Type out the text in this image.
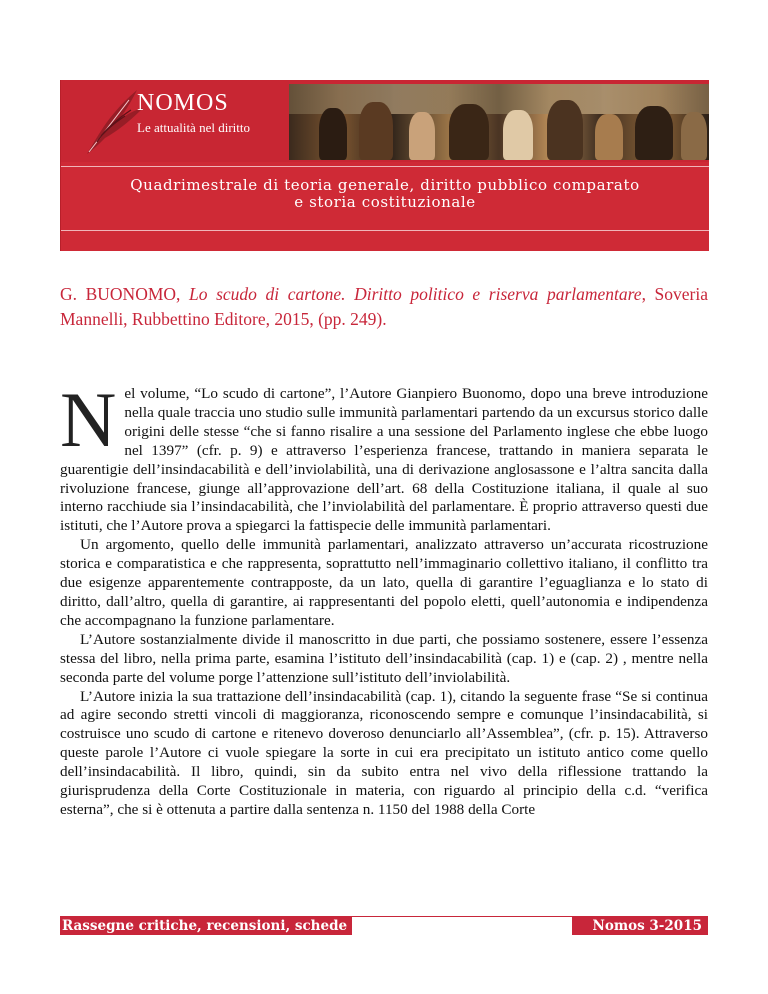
NOMOS
Le attualità nel diritto
Quadrimestrale di teoria generale, diritto pubblico comparato
e storia costituzionale
G. BUONOMO, Lo scudo di cartone. Diritto politico e riserva parlamentare, Soveria Mannelli, Rubbettino Editore, 2015, (pp. 249).

Nel volume, “Lo scudo di cartone”, l’Autore Gianpiero Buonomo, dopo una breve introduzione nella quale traccia uno studio sulle immunità parlamentari partendo da un excursus storico dalle origini delle stesse “che si fanno risalire a una sessione del Parlamento inglese che ebbe luogo nel 1397” (cfr. p. 9) e attraverso l’esperienza francese, trattando in maniera separata le guarentigie dell’insindacabilità e dell’inviolabilità, una di derivazione anglosassone e l’altra sancita dalla rivoluzione francese, giunge all’approvazione dell’art. 68 della Costituzione italiana, il quale al suo interno racchiude sia l’insindacabilità, che l’inviolabilità del parlamentare. È proprio attraverso questi due istituti, che l’Autore prova a spiegarci la fattispecie delle immunità parlamentari.

Un argomento, quello delle immunità parlamentari, analizzato attraverso un’accurata ricostruzione storica e comparatistica e che rappresenta, soprattutto nell’immaginario collettivo italiano, il conflitto tra due esigenze apparentemente contrapposte, da un lato, quella di garantire l’eguaglianza e lo stato di diritto, dall’altro, quella di garantire, ai rappresentanti del popolo eletti, quell’autonomia e indipendenza che accompagnano la funzione parlamentare.

L’Autore sostanzialmente divide il manoscritto in due parti, che possiamo sostenere, essere l’essenza stessa del libro, nella prima parte, esamina l’istituto dell’insindacabilità (cap. 1) e (cap. 2) , mentre nella seconda parte del volume porge l’attenzione sull’istituto dell’inviolabilità.

L’Autore inizia la sua trattazione dell’insindacabilità (cap. 1), citando la seguente frase “Se si continua ad agire secondo stretti vincoli di maggioranza, riconoscendo sempre e comunque l’insindacabilità, si costruisce uno scudo di cartone e ritenevo doveroso denunciarlo all’Assemblea”, (cfr. p. 15). Attraverso queste parole l’Autore ci vuole spiegare la sorte in cui era precipitato un istituto antico come quello dell’insindacabilità. Il libro, quindi, sin da subito entra nel vivo della riflessione trattando la giurisprudenza della Corte Costituzionale in materia, con riguardo al principio della c.d. “verifica esterna”, che si è ottenuta a partire dalla sentenza n. 1150 del 1988 della Corte

Rassegne critiche, recensioni, schede	Nomos 3-2015
